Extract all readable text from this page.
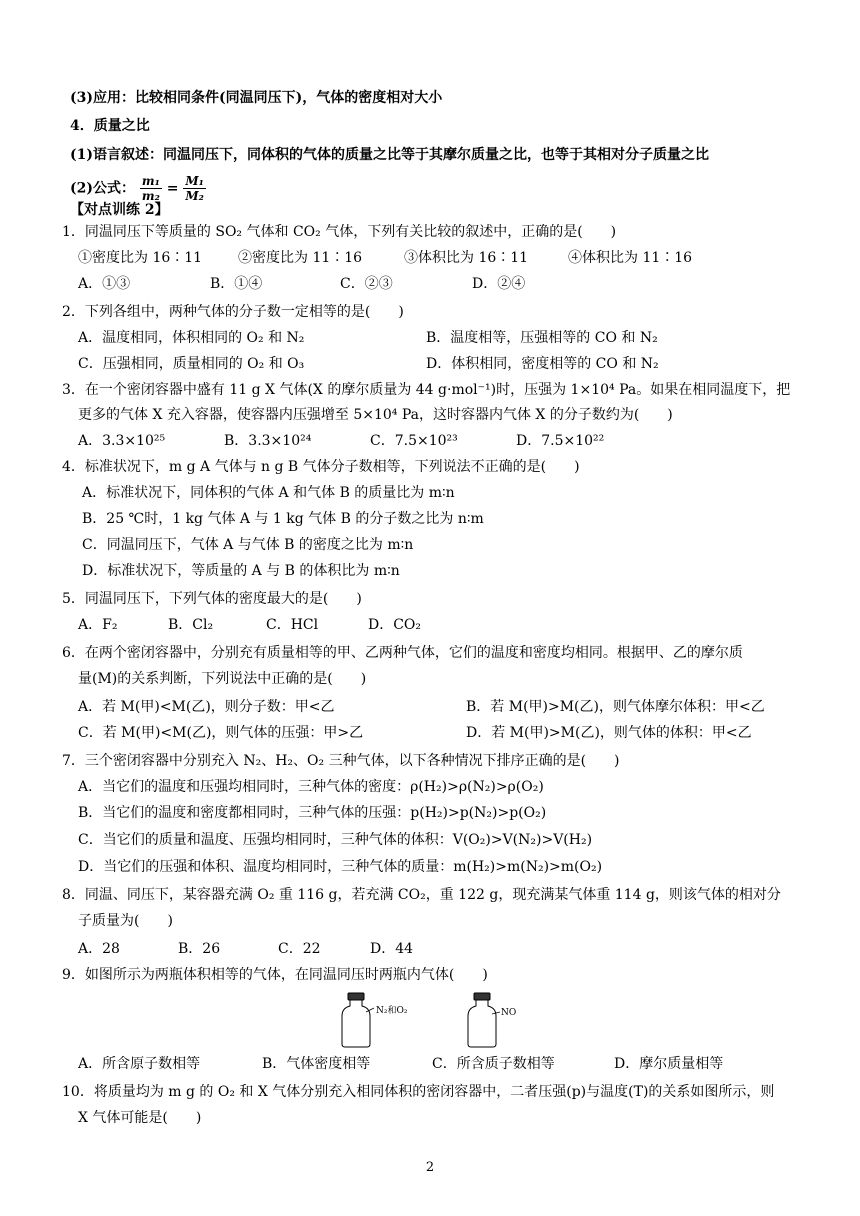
(3)应用：比较相同条件(同温同压下)，气体的密度相对大小
4．质量之比
(1)语言叙述：同温同压下，同体积的气体的质量之比等于其摩尔质量之比，也等于其相对分子质量之比
(2)公式： $\frac{\text{m₁}}{\text{m₂}} = \frac{\text{M₁}}{\text{M₂}}$
【对点训练 2】
1．同温同压下等质量的 SO₂ 气体和 CO₂ 气体，下列有关比较的叙述中，正确的是(　　)
①密度比为 16∶11	②密度比为 11∶16	③体积比为 16∶11	④体积比为 11∶16
A．①③	B．①④	C．②③	D．②④
2．下列各组中，两种气体的分子数一定相等的是(　　)
A．温度相同，体积相同的 O₂ 和 N₂	B．温度相等，压强相等的 CO 和 N₂
C．压强相同，质量相同的 O₂ 和 O₃	D．体积相同，密度相等的 CO 和 N₂
3．在一个密闭容器中盛有 11 g X 气体(X 的摩尔质量为 44 g·mol⁻¹)时，压强为 1×10⁴ Pa。如果在相同温度下，把
更多的气体 X 充入容器，使容器内压强增至 5×10⁴ Pa，这时容器内气体 X 的分子数约为(　　)
A．3.3×10²⁵	B．3.3×10²⁴	C．7.5×10²³	D．7.5×10²²
4．标准状况下，m g A 气体与 n g B 气体分子数相等，下列说法不正确的是(　　)
A．标准状况下，同体积的气体 A 和气体 B 的质量比为 m∶n
B．25 ℃时，1 kg 气体 A 与 1 kg 气体 B 的分子数之比为 n∶m
C．同温同压下，气体 A 与气体 B 的密度之比为 m∶n
D．标准状况下，等质量的 A 与 B 的体积比为 m∶n
5．同温同压下，下列气体的密度最大的是(　　)
A．F₂	B．Cl₂	C．HCl	D．CO₂
6．在两个密闭容器中，分别充有质量相等的甲、乙两种气体，它们的温度和密度均相同。根据甲、乙的摩尔质
量(M)的关系判断，下列说法中正确的是(　　)
A．若 M(甲)<M(乙)，则分子数：甲<乙	B．若 M(甲)>M(乙)，则气体摩尔体积：甲<乙
C．若 M(甲)<M(乙)，则气体的压强：甲>乙	D．若 M(甲)>M(乙)，则气体的体积：甲<乙
7．三个密闭容器中分别充入 N₂、H₂、O₂ 三种气体，以下各种情况下排序正确的是(　　)
A．当它们的温度和压强均相同时，三种气体的密度：ρ(H₂)>ρ(N₂)>ρ(O₂)
B．当它们的温度和密度都相同时，三种气体的压强：p(H₂)>p(N₂)>p(O₂)
C．当它们的质量和温度、压强均相同时，三种气体的体积：V(O₂)>V(N₂)>V(H₂)
D．当它们的压强和体积、温度均相同时，三种气体的质量：m(H₂)>m(N₂)>m(O₂)
8．同温、同压下，某容器充满 O₂ 重 116 g，若充满 CO₂，重 122 g，现充满某气体重 114 g，则该气体的相对分
子质量为(　　)
A．28	B．26	C．22	D．44
9．如图所示为两瓶体积相等的气体，在同温同压时两瓶内气体(　　)
N₂和O₂	NO
A．所含原子数相等	B．气体密度相等	C．所含质子数相等	D．摩尔质量相等
10．将质量均为 m g 的 O₂ 和 X 气体分别充入相同体积的密闭容器中，二者压强(p)与温度(T)的关系如图所示，则
X 气体可能是(　　)
2
